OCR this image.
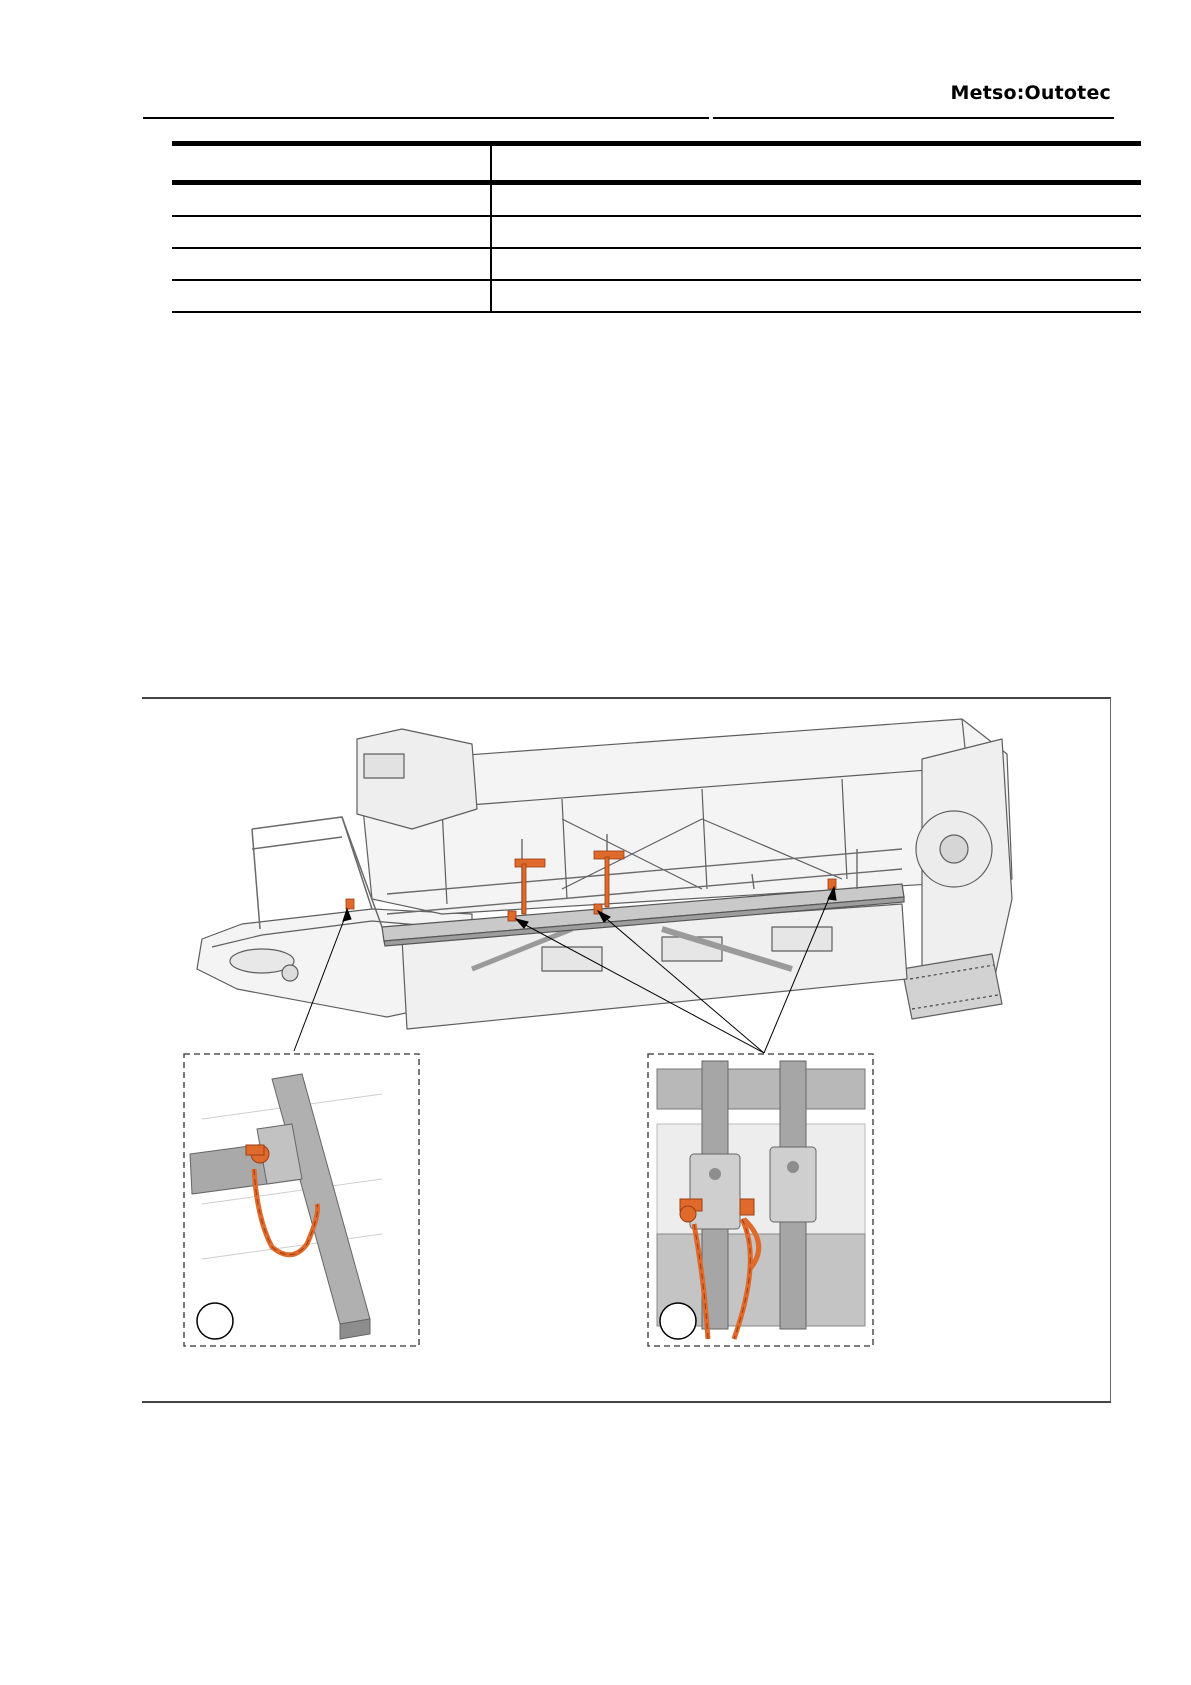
Metso:Outotec
